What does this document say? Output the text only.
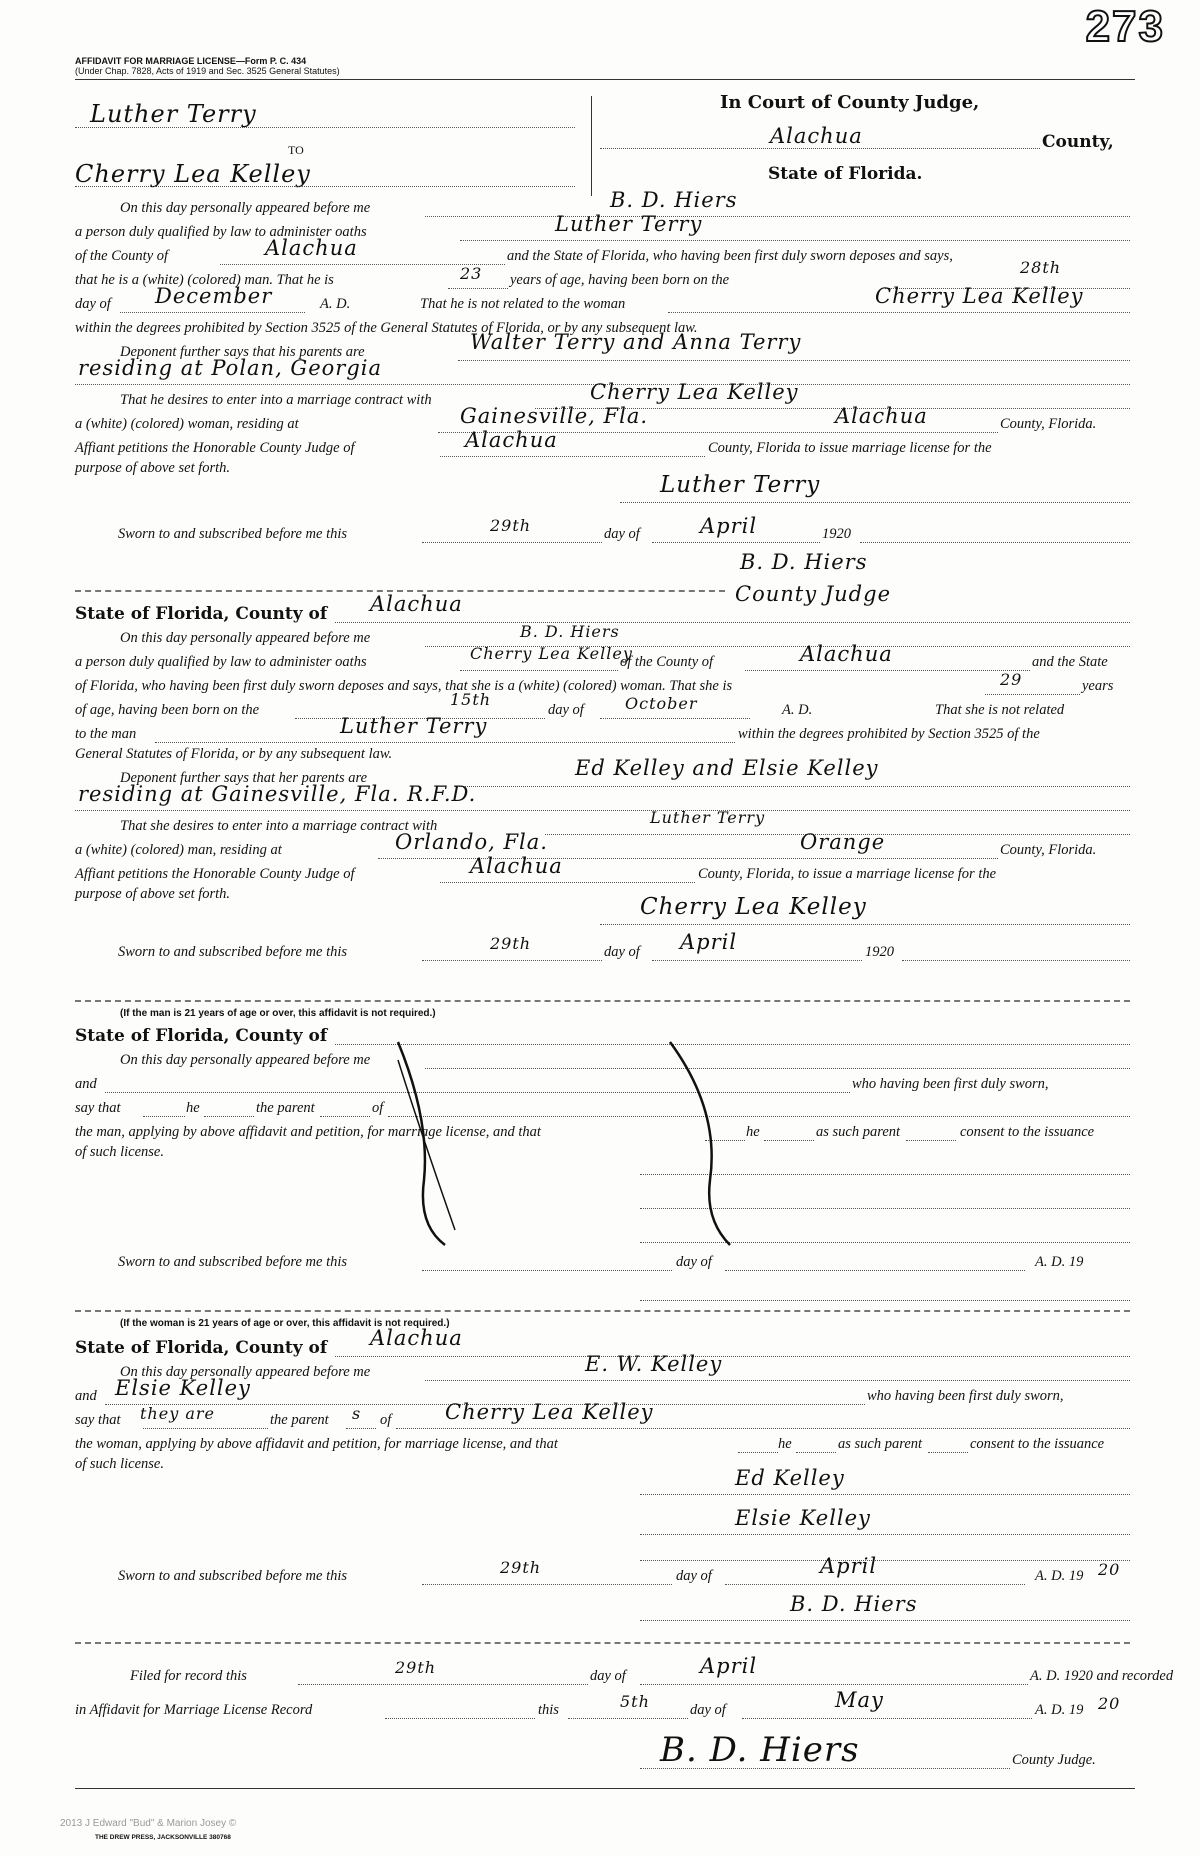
273
AFFIDAVIT FOR MARRIAGE LICENSE—Form P. C. 434
(Under Chap. 7828, Acts of 1919 and Sec. 3525 General Statutes)
Luther Terry
TO
Cherry Lea Kelley
In Court of County Judge,
Alachua	County,
State of Florida.
On this day personally appeared before me	B. D. Hiers
a person duly qualified by law to administer oaths	Luther Terry
of the County of	Alachua	and the State of Florida, who having been first duly sworn deposes and says,
that he is a (white) (colored) man. That he is	23 years of age, having been born on the
28th
day of December	A. D.	That he is not related to the woman	Cherry Lea Kelley
within the degrees prohibited by Section 3525 of the General Statutes of Florida, or by any subsequent law.
Deponent further says that his parents are	Walter Terry and Anna Terry
residing at Polan, Georgia
That he desires to enter into a marriage contract with	Cherry Lea Kelley
a (white) (colored) woman, residing at	Gainesville, Fla.	Alachua	County, Florida.
Affiant petitions the Honorable County Judge of	Alachua	County, Florida to issue marriage license for the
purpose of above set forth.
Luther Terry
Sworn to and subscribed before me this	29th	day of	April	1920
B. D. Hiers
County Judge
State of Florida, County of Alachua
On this day personally appeared before me	B. D. Hiers
a person duly qualified by law to administer oaths	Cherry Lea Kelley
of the County of	Alachua	and the State
of Florida, who having been first duly sworn deposes and says, that she is a (white) (colored) woman. That she is	29	years
of age, having been born on the
15th
day of	October	A. D.	That she is not related
to the man	Luther Terry	within the degrees prohibited by Section 3525 of the
General Statutes of Florida, or by any subsequent law.
Deponent further says that her parents are	Ed Kelley and Elsie Kelley
residing at Gainesville, Fla. R.F.D.
That she desires to enter into a marriage contract with	Luther Terry
a (white) (colored) man, residing at	Orlando, Fla.	Orange	County, Florida.
Affiant petitions the Honorable County Judge of	Alachua	County, Florida, to issue a marriage license for the
purpose of above set forth.	Cherry Lea Kelley
Sworn to and subscribed before me this	29th	day of April	1920
(If the man is 21 years of age or over, this affidavit is not required.)
State of Florida, County of
On this day personally appeared before me
and	who having been first duly sworn,
say that	he	the parent	of
the man, applying by above affidavit and petition, for marriage license, and that	he	as such parent	consent to the issuance
of such license.
Sworn to and subscribed before me this	day of	A. D. 19
(If the woman is 21 years of age or over, this affidavit is not required.)
State of Florida, County of Alachua
On this day personally appeared before me	E. W. Kelley
and Elsie Kelley	who having been first duly sworn,
say that they are	the parent s of	Cherry Lea Kelley
the woman, applying by above affidavit and petition, for marriage license, and that	he	as such parent	consent to the issuance
of such license.
Ed Kelley
Elsie Kelley
Sworn to and subscribed before me this	29th	day of	April	A. D. 19 20
B. D. Hiers
Filed for record this	29th	day of	April	A. D. 1920 and recorded
in Affidavit for Marriage License Record	this	5th	day of	May	A. D. 19 20
B. D. Hiers	County Judge.
2013 J Edward "Bud" & Marion Josey ©
THE DREW PRESS, JACKSONVILLE 380768
